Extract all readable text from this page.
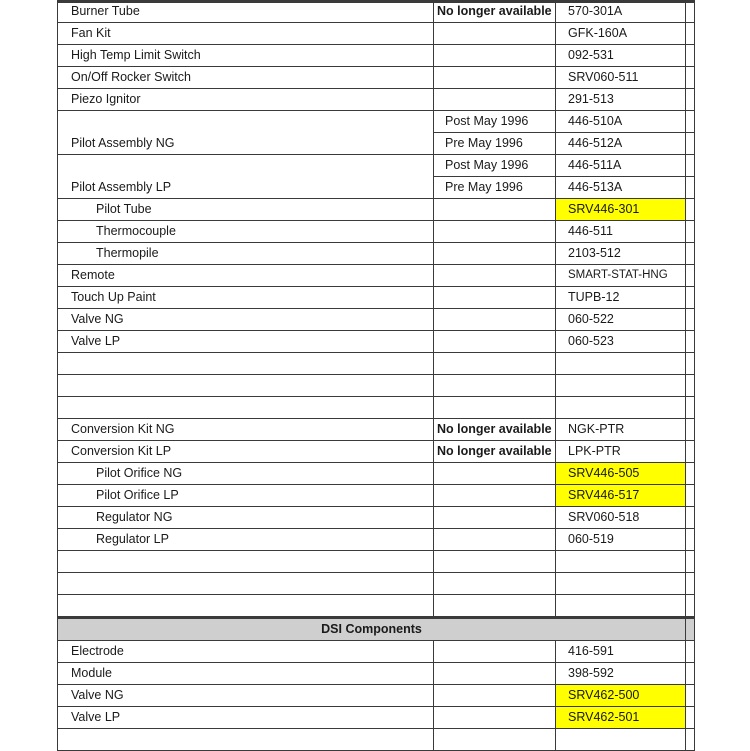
Burner Tube	No longer available	570-301A	
Fan Kit		GFK-160A	
High Temp Limit Switch		092-531	
On/Off Rocker Switch		SRV060-511	
Piezo Ignitor		291-513	
	Post May 1996	446-510A	
Pilot Assembly NG	Pre May 1996	446-512A	
	Post May 1996	446-511A	
Pilot Assembly LP	Pre May 1996	446-513A	
Pilot Tube		SRV446-301	
Thermocouple		446-511	
Thermopile		2103-512	
Remote		SMART-STAT-HNG	
Touch Up Paint		TUPB-12	
Valve NG		060-522	
Valve LP		060-523	

Conversion Kit NG	No longer available	NGK-PTR	
Conversion Kit LP	No longer available	LPK-PTR	
Pilot Orifice NG		SRV446-505	
Pilot Orifice LP		SRV446-517	
Regulator NG		SRV060-518	
Regulator LP		060-519	

DSI Components			
Electrode		416-591	
Module		398-592	
Valve NG		SRV462-500	
Valve LP		SRV462-501	
